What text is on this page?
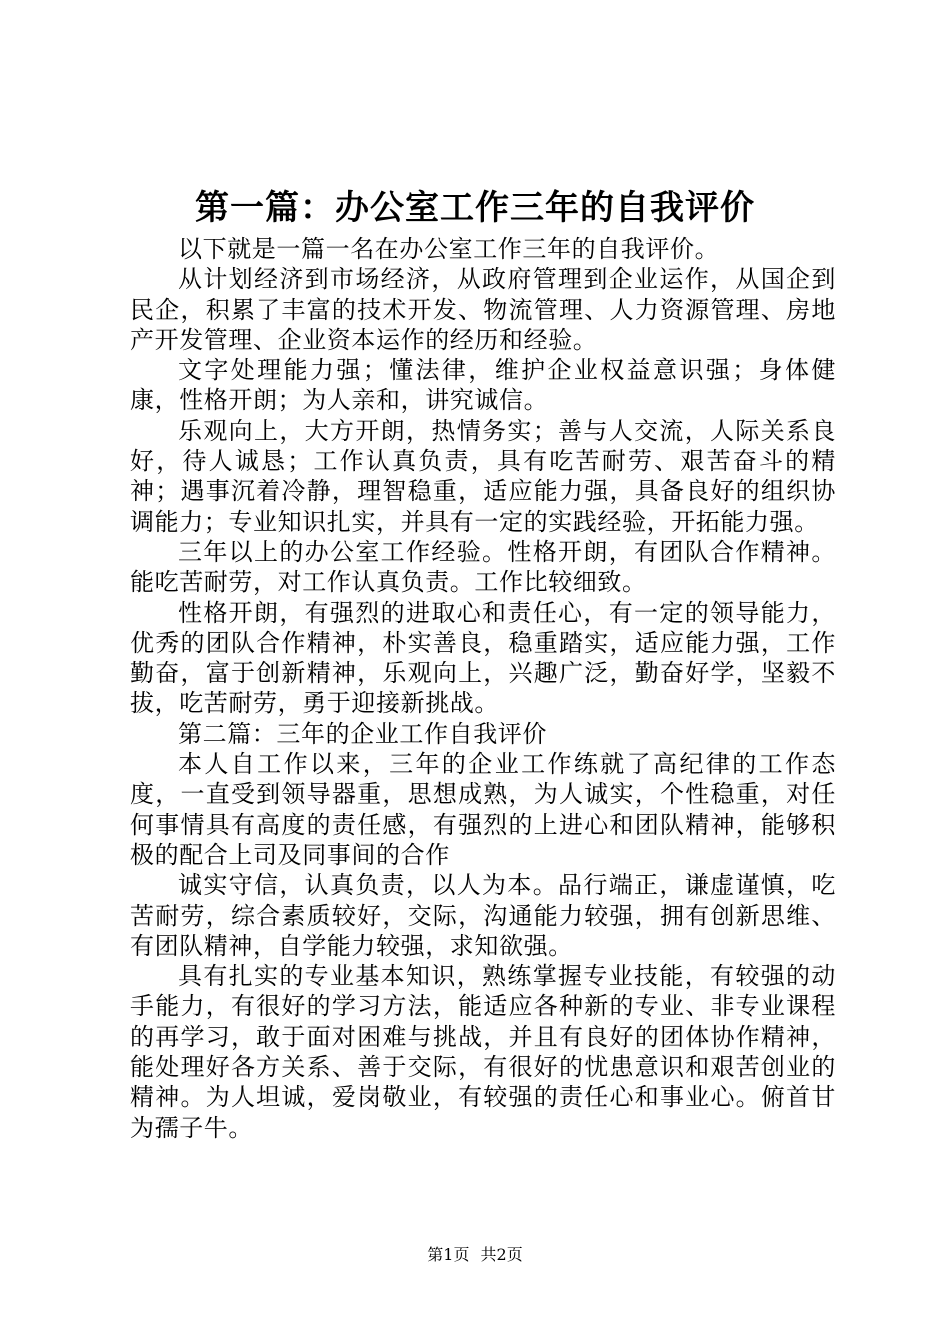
第一篇：办公室工作三年的自我评价

以下就是一篇一名在办公室工作三年的自我评价。

从计划经济到市场经济，从政府管理到企业运作，从国企到民企，积累了丰富的技术开发、物流管理、人力资源管理、房地产开发管理、企业资本运作的经历和经验。

文字处理能力强；懂法律，维护企业权益意识强；身体健康，性格开朗；为人亲和，讲究诚信。

乐观向上，大方开朗，热情务实；善与人交流，人际关系良好，待人诚恳；工作认真负责，具有吃苦耐劳、艰苦奋斗的精神；遇事沉着冷静，理智稳重，适应能力强，具备良好的组织协调能力；专业知识扎实，并具有一定的实践经验，开拓能力强。

三年以上的办公室工作经验。性格开朗，有团队合作精神。能吃苦耐劳，对工作认真负责。工作比较细致。

性格开朗，有强烈的进取心和责任心，有一定的领导能力，优秀的团队合作精神，朴实善良，稳重踏实，适应能力强，工作勤奋，富于创新精神，乐观向上，兴趣广泛，勤奋好学，坚毅不拔，吃苦耐劳，勇于迎接新挑战。

第二篇：三年的企业工作自我评价

本人自工作以来，三年的企业工作练就了高纪律的工作态度，一直受到领导器重，思想成熟，为人诚实，个性稳重，对任何事情具有高度的责任感，有强烈的上进心和团队精神，能够积极的配合上司及同事间的合作

诚实守信，认真负责，以人为本。品行端正，谦虚谨慎，吃苦耐劳，综合素质较好，交际，沟通能力较强，拥有创新思维、有团队精神，自学能力较强，求知欲强。

具有扎实的专业基本知识，熟练掌握专业技能，有较强的动手能力，有很好的学习方法，能适应各种新的专业、非专业课程的再学习，敢于面对困难与挑战，并且有良好的团体协作精神，能处理好各方关系、善于交际，有很好的忧患意识和艰苦创业的精神。为人坦诚，爱岗敬业，有较强的责任心和事业心。俯首甘为孺子牛。

第1页 共2页
